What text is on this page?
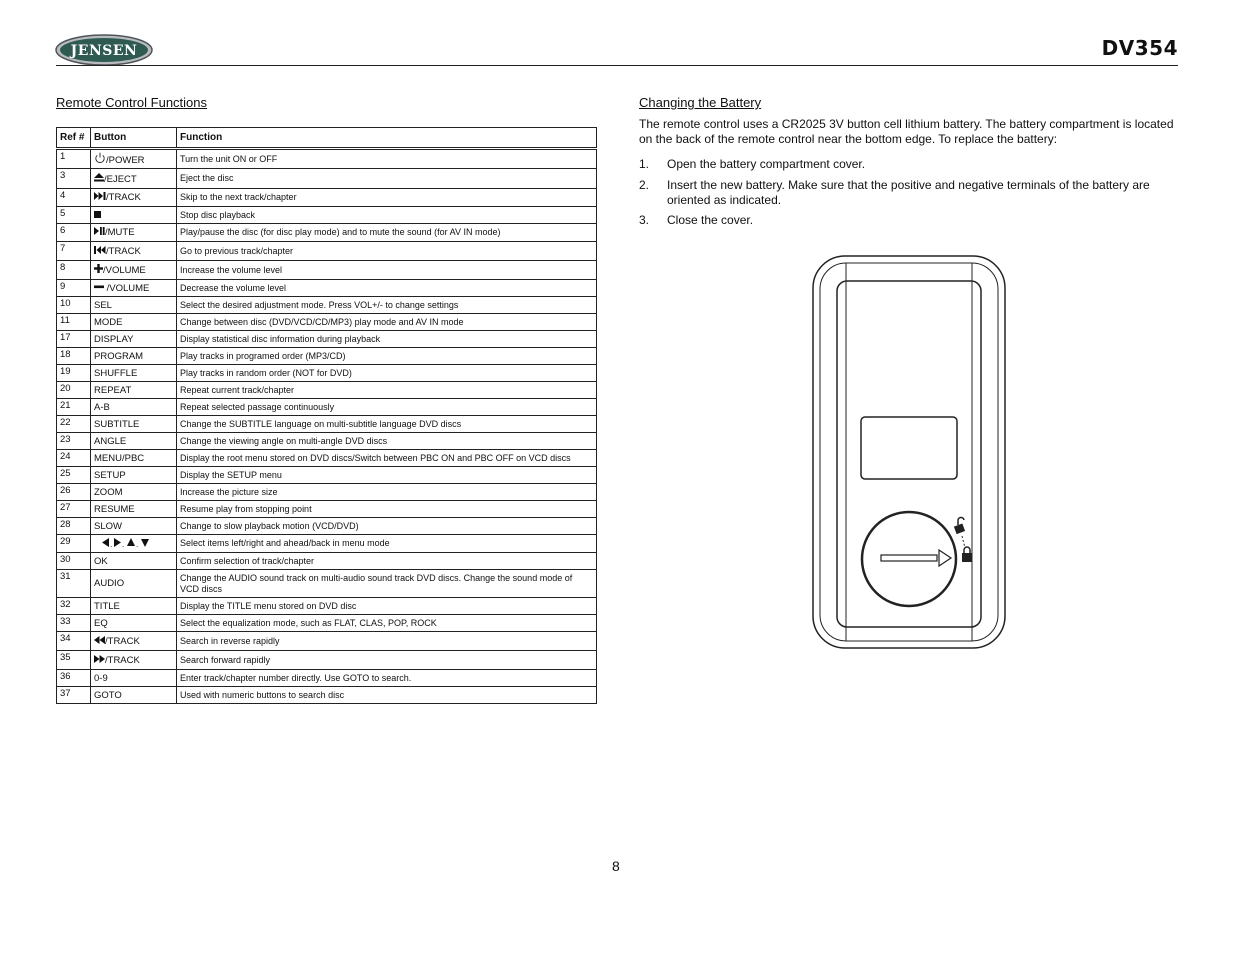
JENSEN	DV354
Remote Control Functions
Ref #	Button	Function
1	/POWER	Turn the unit ON or OFF
3	/EJECT	Eject the disc
4	/TRACK	Skip to the next track/chapter
5		Stop disc playback
6	/MUTE	Play/pause the disc (for disc play mode) and to mute the sound (for AV IN mode)
7	/TRACK	Go to previous track/chapter
8	/VOLUME	Increase the volume level
9	/VOLUME	Decrease the volume level
10	SEL	Select the desired adjustment mode. Press VOL+/- to change settings
11	MODE	Change between disc (DVD/VCD/CD/MP3) play mode and AV IN mode
17	DISPLAY	Display statistical disc information during playback
18	PROGRAM	Play tracks in programed order (MP3/CD)
19	SHUFFLE	Play tracks in random order (NOT for DVD)
20	REPEAT	Repeat current track/chapter
21	A-B	Repeat selected passage continuously
22	SUBTITLE	Change the SUBTITLE language on multi-subtitle language DVD discs
23	ANGLE	Change the viewing angle on multi-angle DVD discs
24	MENU/PBC	Display the root menu stored on DVD discs/Switch between PBC ON and PBC OFF on VCD discs
25	SETUP	Display the SETUP menu
26	ZOOM	Increase the picture size
27	RESUME	Resume play from stopping point
28	SLOW	Change to slow playback motion (VCD/DVD)
29	, , ,	Select items left/right and ahead/back in menu mode
30	OK	Confirm selection of track/chapter
31	AUDIO	Change the AUDIO sound track on multi-audio sound track DVD discs. Change the sound mode of VCD discs
32	TITLE	Display the TITLE menu stored on DVD disc
33	EQ	Select the equalization mode, such as FLAT, CLAS, POP, ROCK
34	/TRACK	Search in reverse rapidly
35	/TRACK	Search forward rapidly
36	0-9	Enter track/chapter number directly. Use GOTO to search.
37	GOTO	Used with numeric buttons to search disc
Changing the Battery

The remote control uses a CR2025 3V button cell lithium battery. The battery compartment is located on the back of the remote control near the bottom edge. To replace the battery:

1. Open the battery compartment cover.
2. Insert the new battery. Make sure that the positive and negative terminals of the battery are oriented as indicated.
3. Close the cover.
8
